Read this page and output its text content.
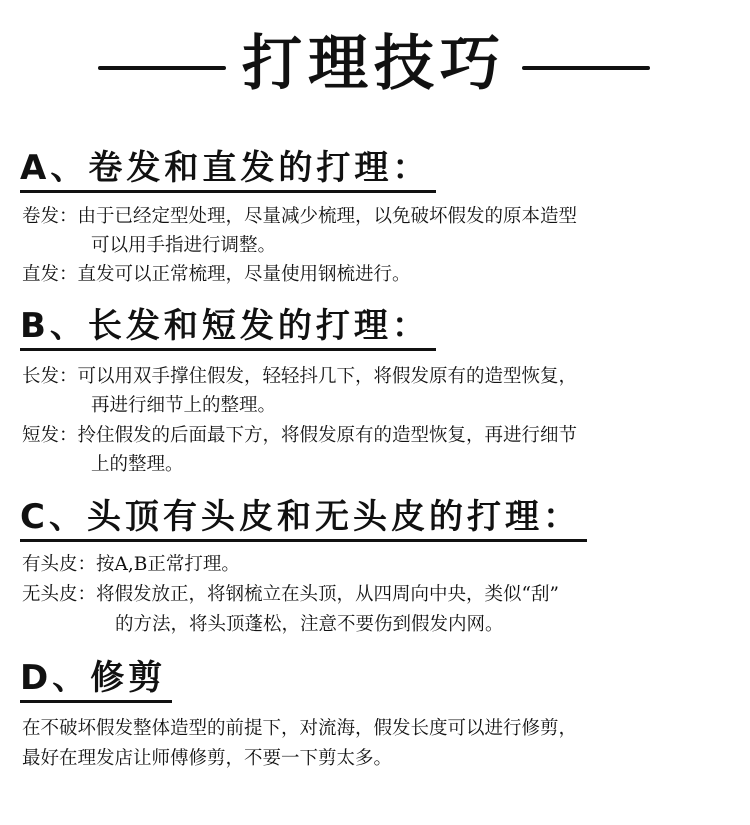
打理技巧
A、卷发和直发的打理：
卷发： 由于已经定型处理，尽量减少梳理，以免破坏假发的原本造型
可以用手指进行调整。
直发： 直发可以正常梳理，尽量使用钢梳进行。
B、长发和短发的打理：
长发： 可以用双手撑住假发，轻轻抖几下，将假发原有的造型恢复，
再进行细节上的整理。
短发： 拎住假发的后面最下方，将假发原有的造型恢复，再进行细节
上的整理。
C、头顶有头皮和无头皮的打理：
有头皮： 按A,B正常打理。
无头皮： 将假发放正，将钢梳立在头顶，从四周向中央，类似“刮”
的方法，将头顶蓬松，注意不要伤到假发内网。
D、修剪
在不破坏假发整体造型的前提下，对流海，假发长度可以进行修剪，
最好在理发店让师傅修剪，不要一下剪太多。
